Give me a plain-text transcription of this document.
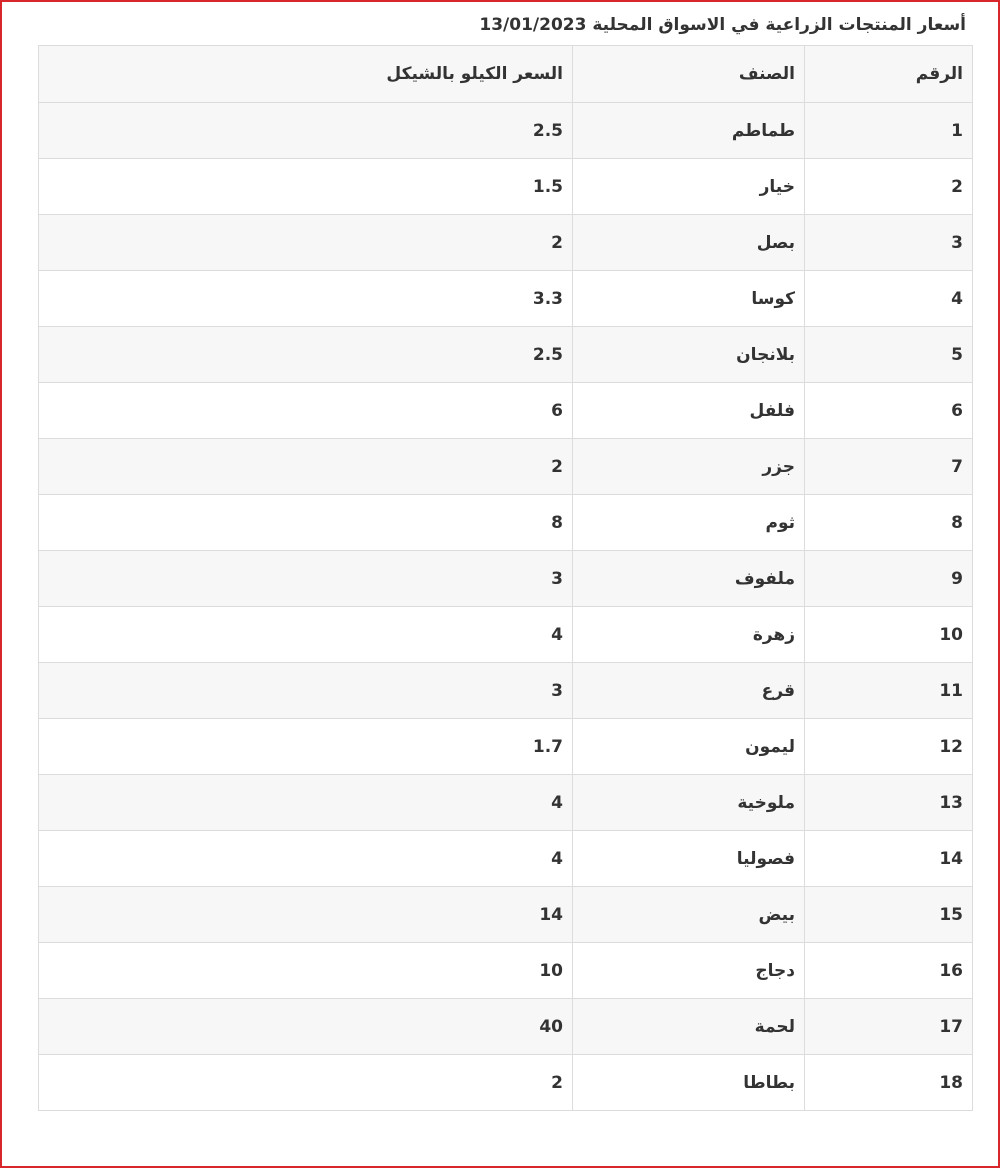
أسعار المنتجات الزراعية في الاسواق المحلية 13/01/2023
الرقم	الصنف	السعر الكيلو بالشيكل
1	طماطم	2.5
2	خيار	1.5
3	بصل	2
4	كوسا	3.3
5	بلانجان	2.5
6	فلفل	6
7	جزر	2
8	ثوم	8
9	ملفوف	3
10	زهرة	4
11	قرع	3
12	ليمون	1.7
13	ملوخية	4
14	فصوليا	4
15	بيض	14
16	دجاج	10
17	لحمة	40
18	بطاطا	2
